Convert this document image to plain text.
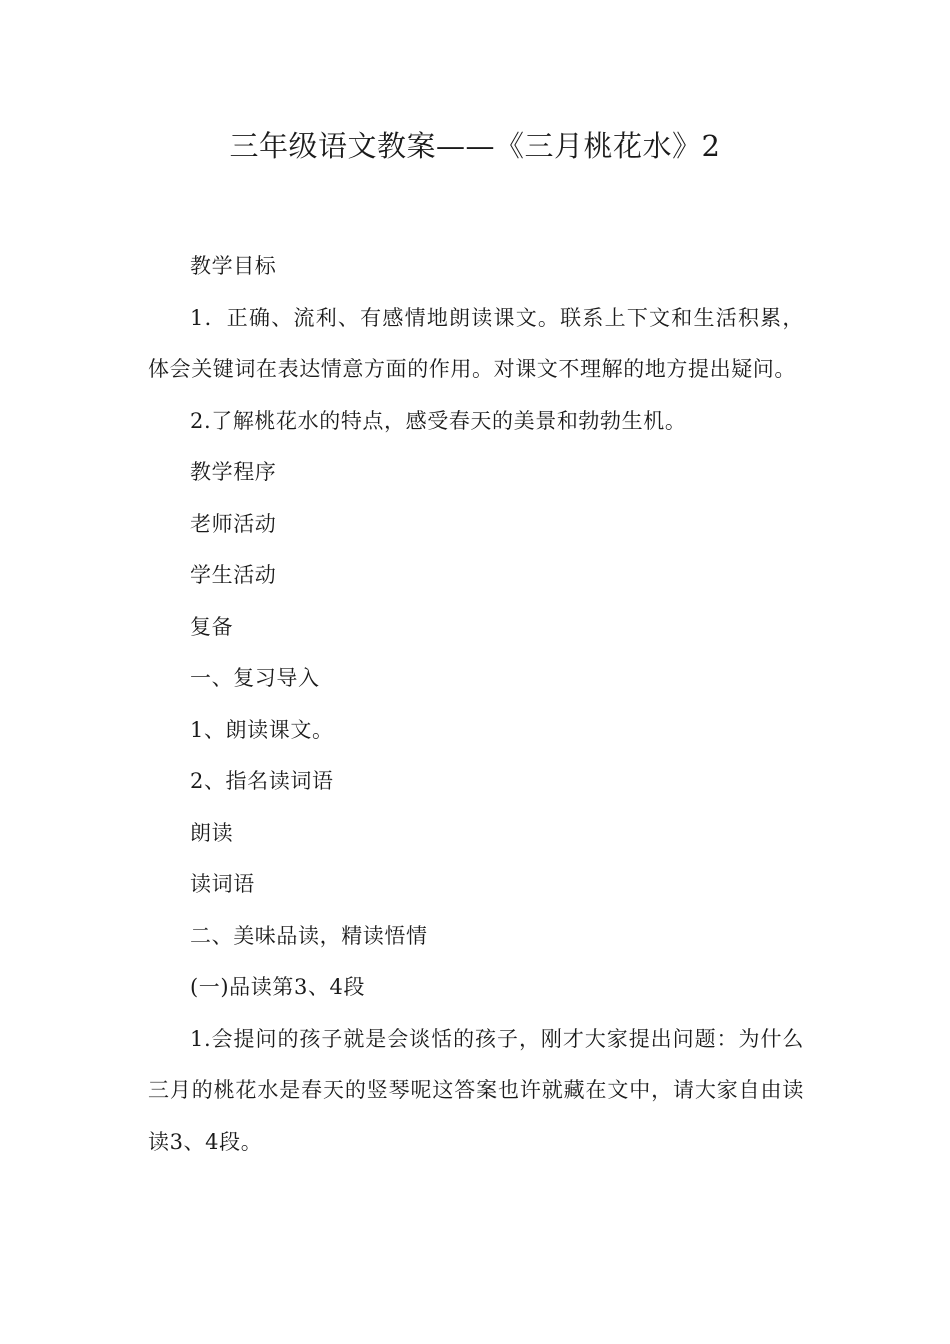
三年级语文教案——《三月桃花水》2

教学目标

1．正确、流利、有感情地朗读课文。联系上下文和生活积累，体会关键词在表达情意方面的作用。对课文不理解的地方提出疑问。

2.了解桃花水的特点，感受春天的美景和勃勃生机。

教学程序

老师活动

学生活动

复备

一、复习导入

1、朗读课文。

2、指名读词语

朗读

读词语

二、美味品读，精读悟情

(一)品读第3、4段

1.会提问的孩子就是会谈恬的孩子，刚才大家提出问题：为什么三月的桃花水是春天的竖琴呢这答案也许就藏在文中，请大家自由读读3、4段。
